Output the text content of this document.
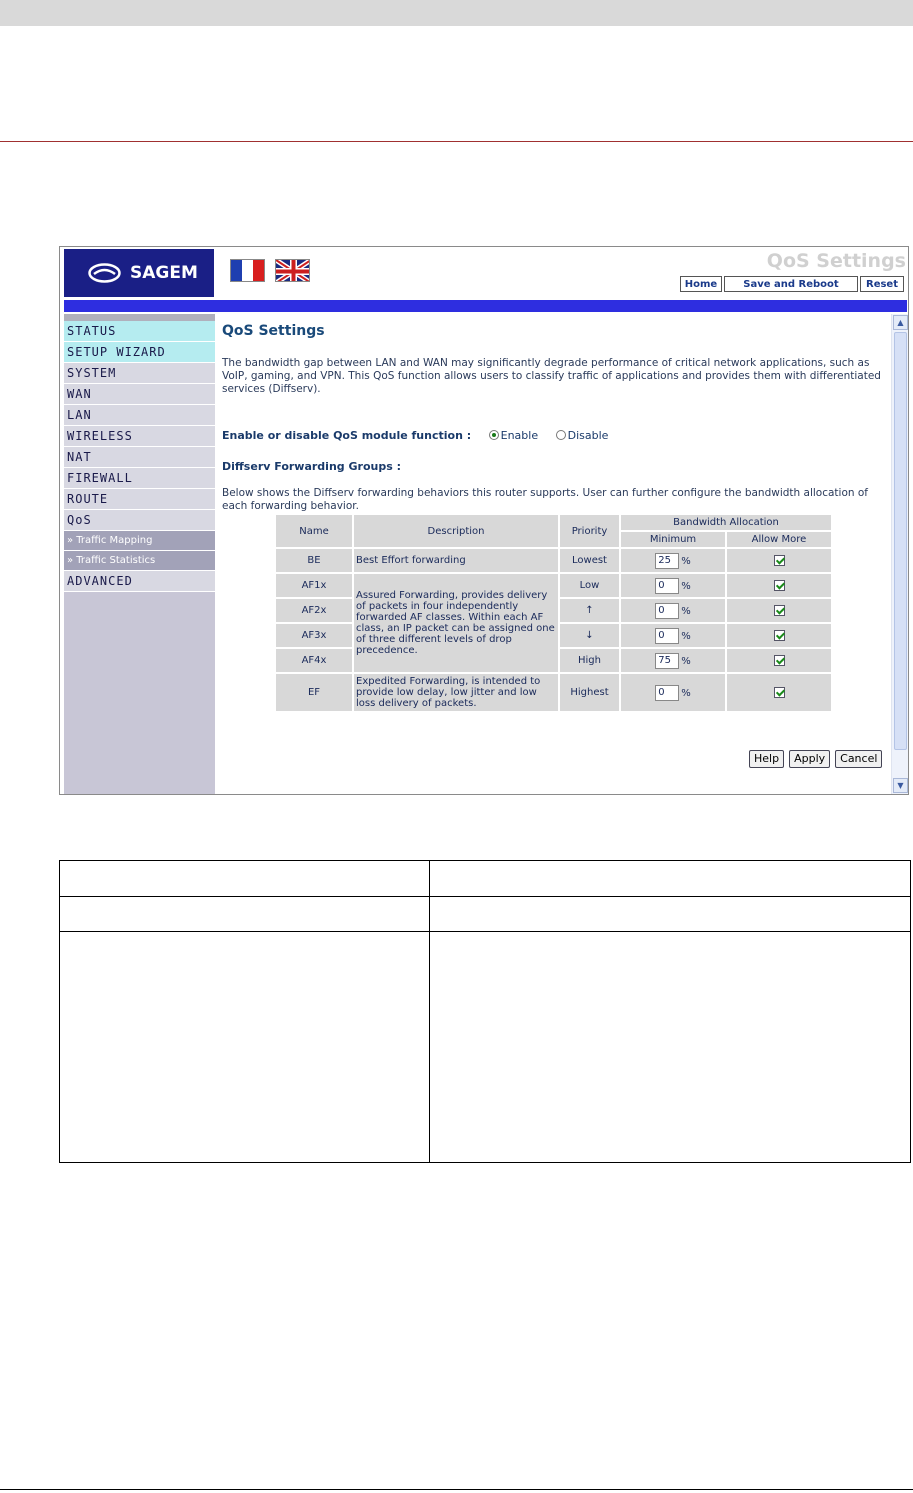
SAGEM
QoS Settings
Home	Save and Reboot	Reset
STATUS
SETUP WIZARD
SYSTEM
WAN
LAN
WIRELESS
NAT
FIREWALL
ROUTE
QoS
» Traffic Mapping
» Traffic Statistics
ADVANCED
QoS Settings
The bandwidth gap between LAN and WAN may significantly degrade performance of critical network applications, such as VoIP, gaming, and VPN. This QoS function allows users to classify traffic of applications and provides them with differentiated services (Diffserv).
Enable or disable QoS module function :	Enable	Disable
Diffserv Forwarding Groups :
Below shows the Diffserv forwarding behaviors this router supports. User can further configure the bandwidth allocation of each forwarding behavior.
Name	Description	Priority	Bandwidth Allocation	
			Minimum	Allow More
BE	Best Effort forwarding	Lowest	25 %	
AF1x	Assured Forwarding, provides delivery of packets in four independently forwarded AF classes. Within each AF class, an IP packet can be assigned one of three different levels of drop precedence.	Low	0 %	
AF2x		↑	0 %	
AF3x		↓	0 %	
AF4x		High	75 %	
EF	Expedited Forwarding, is intended to provide low delay, low jitter and low loss delivery of packets.	Highest	0 %	
Help	Apply	Cancel
▲
▼
